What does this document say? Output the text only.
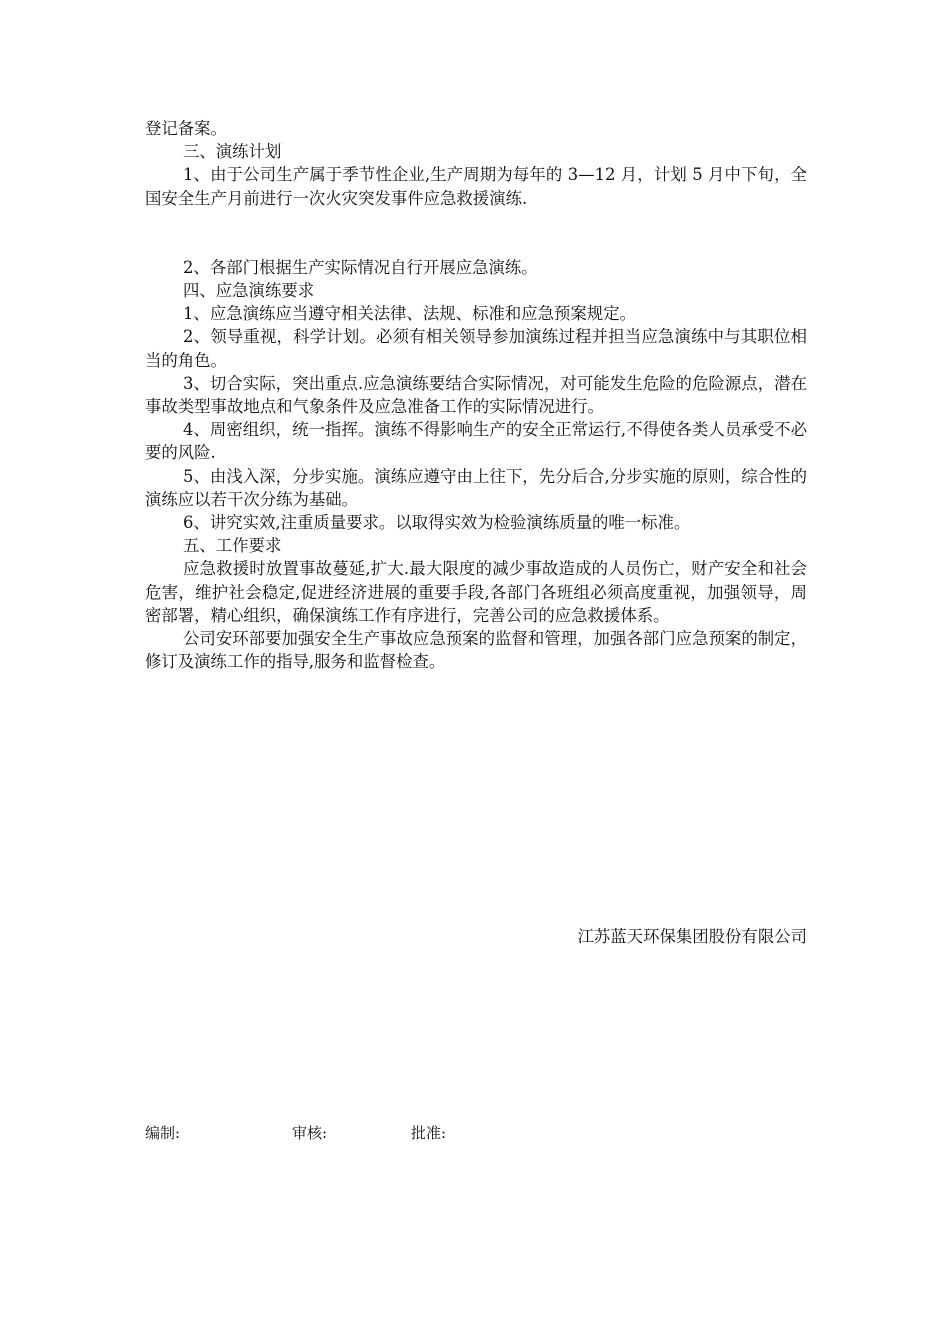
登记备案。

三、演练计划

1、由于公司生产属于季节性企业,生产周期为每年的 3—12 月，计划 5 月中下旬，全国安全生产月前进行一次火灾突发事件应急救援演练.

2、各部门根据生产实际情况自行开展应急演练。

四、应急演练要求

1、应急演练应当遵守相关法律、法规、标准和应急预案规定。

2、领导重视，科学计划。必须有相关领导参加演练过程并担当应急演练中与其职位相当的角色。

3、切合实际，突出重点.应急演练要结合实际情况，对可能发生危险的危险源点，潜在事故类型事故地点和气象条件及应急准备工作的实际情况进行。

4、周密组织，统一指挥。演练不得影响生产的安全正常运行,不得使各类人员承受不必要的风险.

5、由浅入深，分步实施。演练应遵守由上往下，先分后合,分步实施的原则，综合性的演练应以若干次分练为基础。

6、讲究实效,注重质量要求。以取得实效为检验演练质量的唯一标准。

五、工作要求

应急救援时放置事故蔓延,扩大.最大限度的减少事故造成的人员伤亡，财产安全和社会危害，维护社会稳定,促进经济进展的重要手段,各部门各班组必须高度重视，加强领导，周密部署，精心组织，确保演练工作有序进行，完善公司的应急救援体系。

公司安环部要加强安全生产事故应急预案的监督和管理，加强各部门应急预案的制定，修订及演练工作的指导,服务和监督检查。

江苏蓝天环保集团股份有限公司
编制:	审核:	批准:
